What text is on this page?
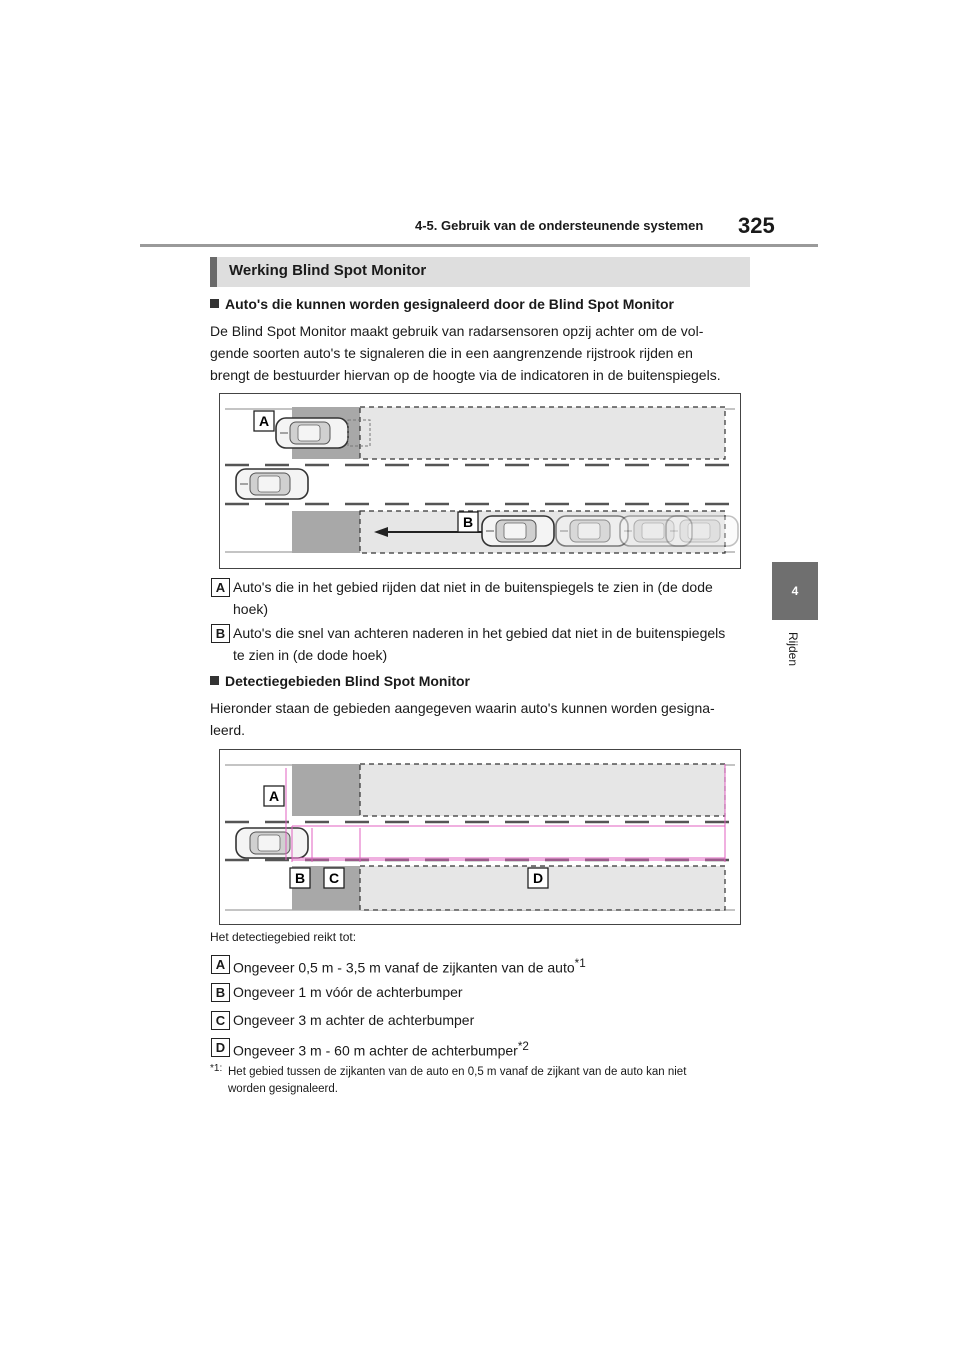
4-5. Gebruik van de ondersteunende systemen 325
4
Rijden
Werking Blind Spot Monitor
Auto's die kunnen worden gesignaleerd door de Blind Spot Monitor
De Blind Spot Monitor maakt gebruik van radarsensoren opzij achter om de vol-
gende soorten auto's te signaleren die in een aangrenzende rijstrook rijden en
brengt de bestuurder hiervan op de hoogte via de indicatoren in de buitenspiegels.
A
B
A Auto's die in het gebied rijden dat niet in de buitenspiegels te zien in (de dode
hoek)
B Auto's die snel van achteren naderen in het gebied dat niet in de buitenspiegels
te zien in (de dode hoek)
Detectiegebieden Blind Spot Monitor
Hieronder staan de gebieden aangegeven waarin auto's kunnen worden gesigna-
leerd.
A
B C	D
Het detectiegebied reikt tot:
A Ongeveer 0,5 m - 3,5 m vanaf de zijkanten van de auto$^{*1}$
B Ongeveer 1 m vóór de achterbumper
C Ongeveer 3 m achter de achterbumper
D Ongeveer 3 m - 60 m achter de achterbumper$^{*2}$
*1: Het gebied tussen de zijkanten van de auto en 0,5 m vanaf de zijkant van de auto kan niet
worden gesignaleerd.
